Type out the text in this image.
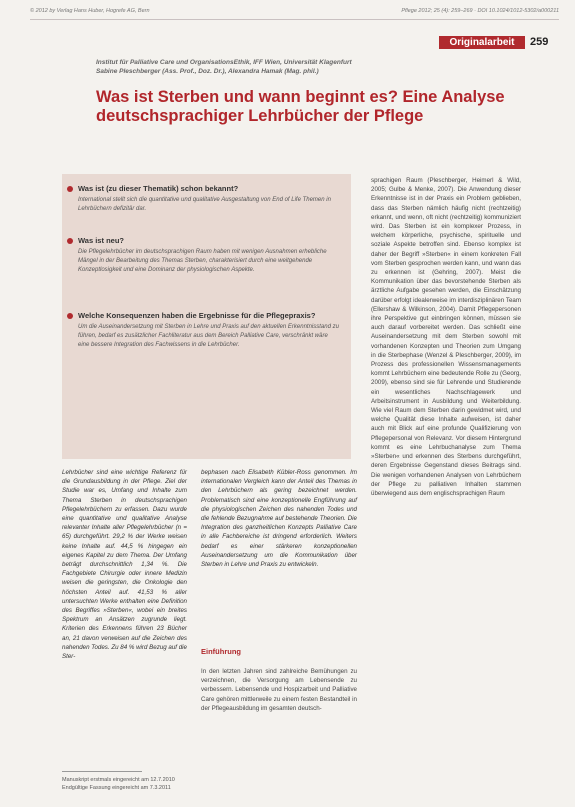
© 2012 by Verlag Hans Huber, Hogrefe AG, Bern	Pflege 2012; 25 (4): 259–269 · DOI 10.1024/1012-5302/a000211
Originalarbeit	259
Institut für Palliative Care und OrganisationsEthik, IFF Wien, Universität Klagenfurt
Sabine Pleschberger (Ass. Prof., Doz. Dr.), Alexandra Hamak (Mag. phil.)
Was ist Sterben und wann beginnt es? Eine Analyse deutschsprachiger Lehrbücher der Pflege

Was ist (zu dieser Thematik) schon bekannt?

International stellt sich die quantitative und qualitative Ausgestaltung von End of Life Themen in Lehrbüchern defizitär dar.

Was ist neu?

Die Pflegelehrbücher im deutschsprachigen Raum haben mit wenigen Ausnahmen erhebliche Mängel in der Bearbeitung des Themas Sterben, charakterisiert durch eine weitgehende Konzeptlosigkeit und eine Dominanz der physiologischen Aspekte.

Welche Konsequenzen haben die Ergebnisse für die Pflegepraxis?

Um die Auseinandersetzung mit Sterben in Lehre und Praxis auf den aktuellen Erkenntnisstand zu führen, bedarf es zusätzlicher Fachliteratur aus dem Bereich Palliative Care, verschränkt wäre eine bessere Integration des Fachwissens in die Lehrbücher.

Lehrbücher sind eine wichtige Referenz für die Grundausbildung in der Pflege. Ziel der Studie war es, Umfang und Inhalte zum Thema Sterben in deutschsprachigen Pflegelehrbüchern zu erfassen. Dazu wurde eine quantitative und qualitative Analyse relevanter Inhalte aller Pflegelehrbücher (n = 65) durchgeführt. 29,2 % der Werke weisen keine Inhalte auf. 44,5 % hingegen ein eigenes Kapitel zu dem Thema. Der Umfang beträgt durchschnittlich 1,34 %. Die Fachgebiete Chirurgie oder innere Medizin weisen die geringsten, die Onkologie den höchsten Anteil auf. 41,53 % aller untersuchten Werke enthalten eine Definition des Begriffes »Sterben«, wobei ein breites Spektrum an Ansätzen zugrunde liegt. Kriterien des Erkennens führen 23 Bücher an, 21 davon verweisen auf die Zeichen des nahenden Todes. Zu 84 % wird Bezug auf die Ster-

bephasen nach Elisabeth Kübler-Ross genommen. Im internationalen Vergleich kann der Anteil des Themas in den Lehrbüchern als gering bezeichnet werden. Problematisch sind eine konzeptionelle Engführung auf die physiologischen Zeichen des nahenden Todes und die fehlende Bezugnahme auf bestehende Theorien. Die Integration des ganzheitlichen Konzepts Palliative Care in alle Fachbereiche ist dringend erforderlich. Weiters bedarf es einer stärkeren konzeptionellen Auseinandersetzung um die Kommunikation über Sterben in Lehre und Praxis zu entwickeln.

Einführung

In den letzten Jahren sind zahlreiche Bemühungen zu verzeichnen, die Versorgung am Lebensende zu verbessern. Lebensende und Hospizarbeit und Palliative Care gehören mittlerweile zu einem festen Bestandteil in der Pflegeausbildung im gesamten deutsch-

sprachigen Raum (Pleschberger, Heimerl & Wild, 2005; Gulbe & Menke, 2007). Die Anwendung dieser Erkenntnisse ist in der Praxis ein Problem geblieben, dass das Sterben nämlich häufig nicht (rechtzeitig) erkannt, und wenn, oft nicht (rechtzeitig) kommuniziert wird. Das Sterben ist ein komplexer Prozess, in welchem körperliche, psychische, spirituelle und soziale Aspekte betroffen sind. Ebenso komplex ist daher der Begriff »Sterben« in einem konkreten Fall vom Sterben gesprochen werden kann, und wann das zu erkennen ist (Gehring, 2007). Meist die Kommunikation über das bevorstehende Sterben als ärztliche Aufgabe gesehen werden, die Einschätzung darüber erfolgt idealerweise im interdisziplinären Team (Ellershaw & Wilkinson, 2004). Damit Pflegepersonen ihre Perspektive gut einbringen können, müssen sie auch darauf vorbereitet werden. Das schließt eine Auseinandersetzung mit dem Sterben sowohl mit vorhandenen Konzepten und Theorien zum Umgang in die Sterbephase (Wenzel & Pleschberger, 2009), im Prozess des professionellen Wissensmanagements kommt Lehrbüchern eine bedeutende Rolle zu (Georg, 2009), ebenso sind sie für Lehrende und Studierende ein wesentliches Nachschlagewerk und Arbeitsinstrument in Ausbildung und Weiterbildung. Wie viel Raum dem Sterben darin gewidmet wird, und welche Qualität diese Inhalte aufweisen, ist daher auch mit Blick auf eine profunde Qualifizierung von Pflegepersonal von Relevanz. Vor diesem Hintergrund kommt es eine Lehrbuchanalyse zum Thema »Sterben« und erkennen des Sterbens durchgeführt, deren Ergebnisse Gegenstand dieses Beitrags sind. Die wenigen vorhandenen Analysen von Lehrbüchern der Pflege zu palliativen Inhalten stammen überwiegend aus dem englischsprachigen Raum

Manuskript erstmals eingereicht am 12.7.2010
Endgültige Fassung eingereicht am 7.3.2011
